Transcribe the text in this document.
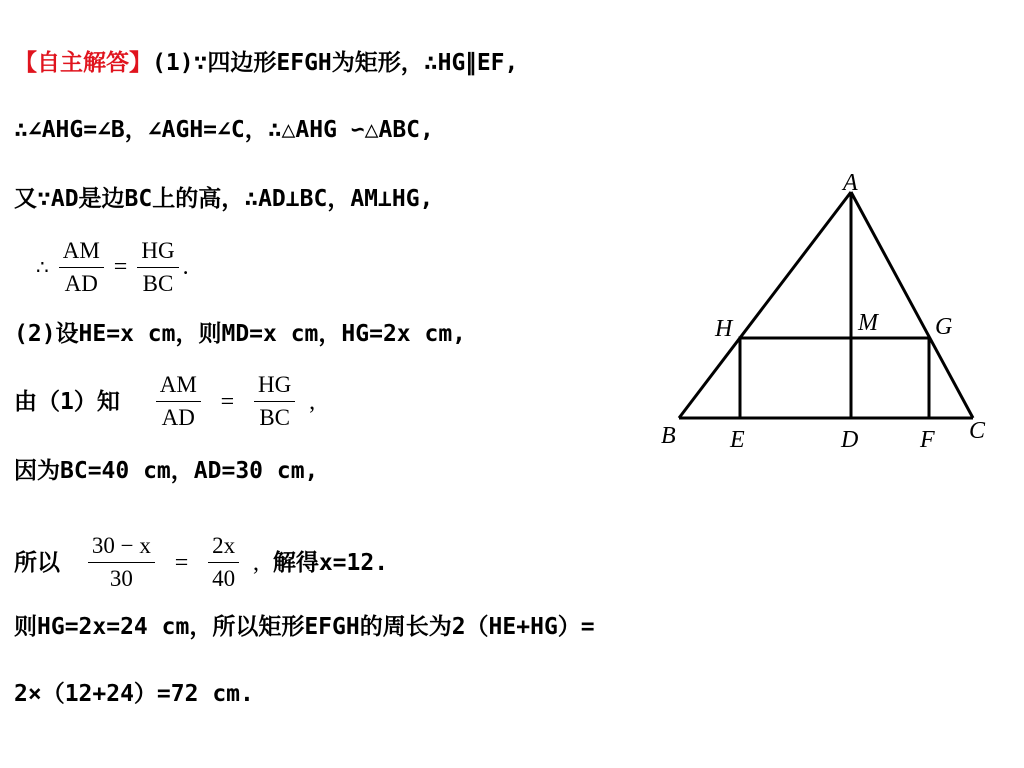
【自主解答】(1)∵四边形EFGH为矩形，∴HG∥EF,
∴∠AHG=∠B，∠AGH=∠C，∴△AHG ∽△ABC,
又∵AD是边BC上的高，∴AD⊥BC，AM⊥HG,
∴ $\frac{AM}{AD} = \frac{HG}{BC}$ .
(2)设HE=x cm，则MD=x cm，HG=2x cm,
由（1）知 $\frac{AM}{AD} = \frac{HG}{BC}$ ,
因为BC=40 cm，AD=30 cm,
所以 $\frac{30 - x}{30} = \frac{2x}{40}$ , 解得x=12.
则HG=2x=24 cm，所以矩形EFGH的周长为2（HE+HG）=
2×（12+24）=72 cm.
A
B	C
D
E	F
G
H	M
